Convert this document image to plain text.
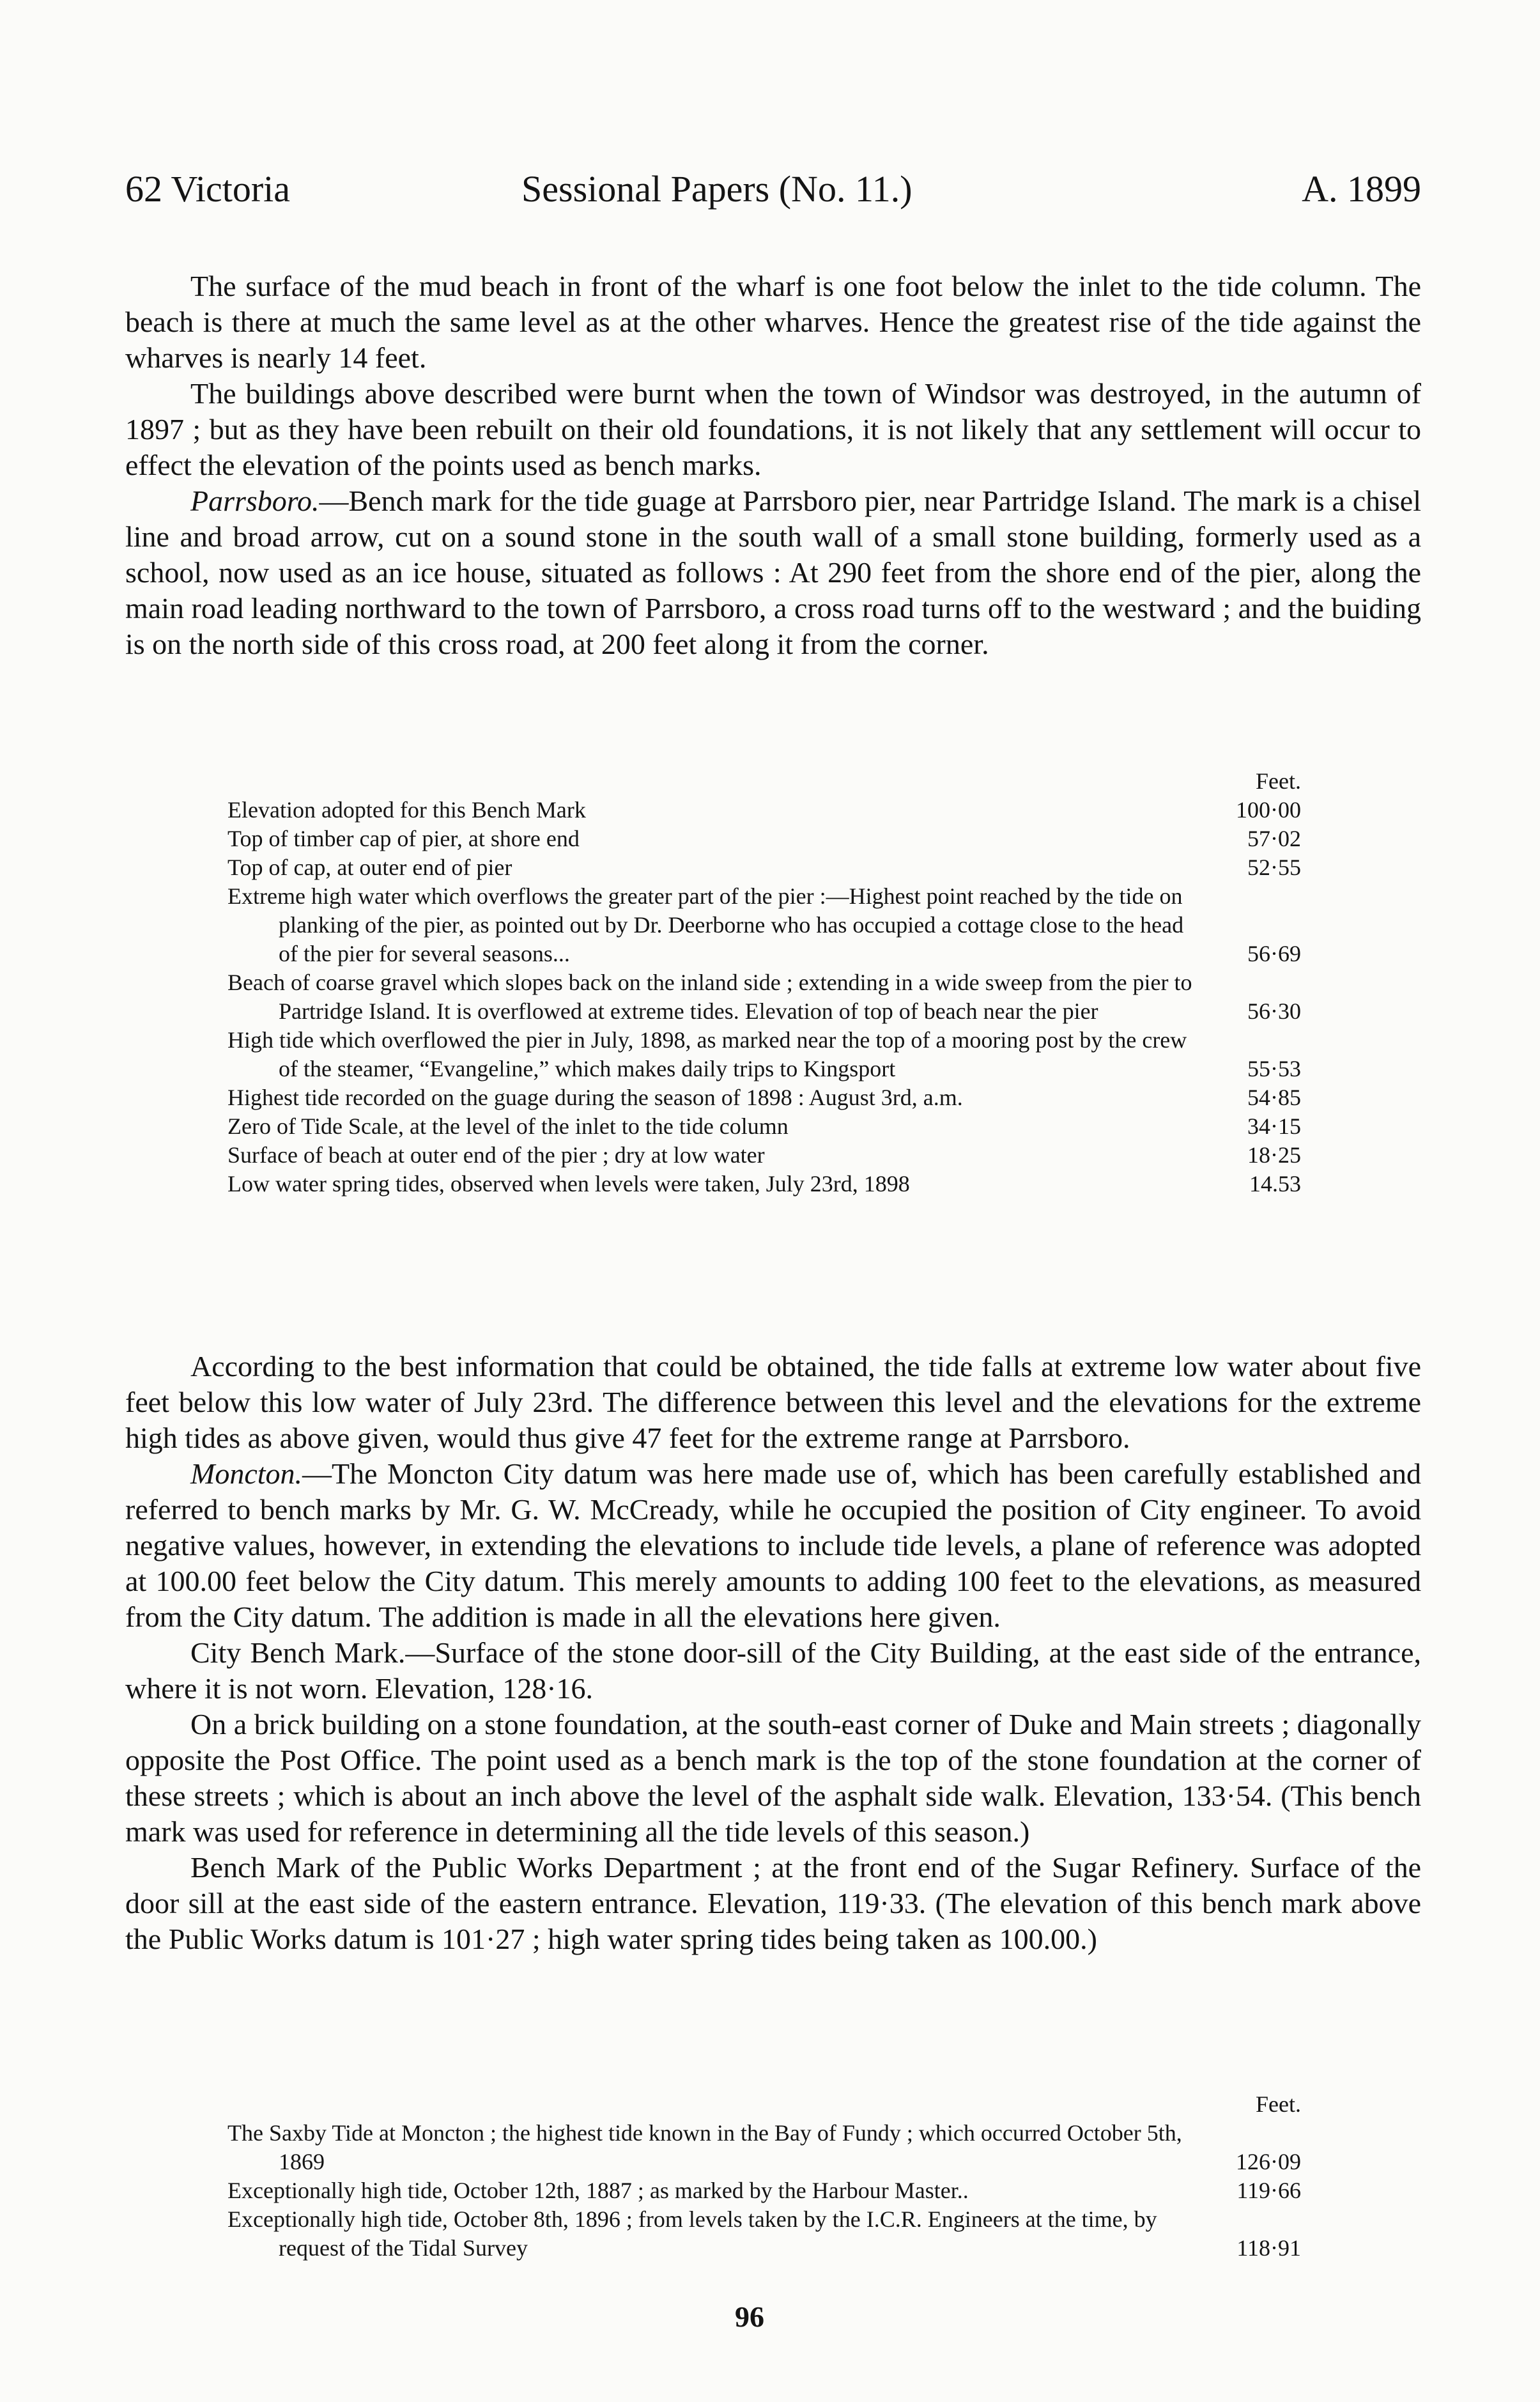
62 Victoria	Sessional Papers (No. 11.)	A. 1899

The surface of the mud beach in front of the wharf is one foot below the inlet to the tide column. The beach is there at much the same level as at the other wharves. Hence the greatest rise of the tide against the wharves is nearly 14 feet.

The buildings above described were burnt when the town of Windsor was destroyed, in the autumn of 1897 ; but as they have been rebuilt on their old foundations, it is not likely that any settlement will occur to effect the elevation of the points used as bench marks.

Parrsboro.—Bench mark for the tide guage at Parrsboro pier, near Partridge Island. The mark is a chisel line and broad arrow, cut on a sound stone in the south wall of a small stone building, formerly used as a school, now used as an ice house, situated as follows : At 290 feet from the shore end of the pier, along the main road leading northward to the town of Parrsboro, a cross road turns off to the westward ; and the buiding is on the north side of this cross road, at 200 feet along it from the corner.

Feet.
Elevation adopted for this Bench Mark	100·00
Top of timber cap of pier, at shore end	57·02
Top of cap, at outer end of pier	52·55
Extreme high water which overflows the greater part of the pier :—Highest point reached by the tide on planking of the pier, as pointed out by Dr. Deerborne who has occupied a cottage close to the head of the pier for several seasons...	56·69
Beach of coarse gravel which slopes back on the inland side ; extending in a wide sweep from the pier to Partridge Island. It is overflowed at extreme tides. Elevation of top of beach near the pier	56·30
High tide which overflowed the pier in July, 1898, as marked near the top of a mooring post by the crew of the steamer, “Evangeline,” which makes daily trips to Kingsport	55·53
Highest tide recorded on the guage during the season of 1898 : August 3rd, a.m.	54·85
Zero of Tide Scale, at the level of the inlet to the tide column	34·15
Surface of beach at outer end of the pier ; dry at low water	18·25
Low water spring tides, observed when levels were taken, July 23rd, 1898	14.53

According to the best information that could be obtained, the tide falls at extreme low water about five feet below this low water of July 23rd. The difference between this level and the elevations for the extreme high tides as above given, would thus give 47 feet for the extreme range at Parrsboro.

Moncton.—The Moncton City datum was here made use of, which has been carefully established and referred to bench marks by Mr. G. W. McCready, while he occupied the position of City engineer. To avoid negative values, however, in extending the elevations to include tide levels, a plane of reference was adopted at 100.00 feet below the City datum. This merely amounts to adding 100 feet to the elevations, as measured from the City datum. The addition is made in all the elevations here given.

City Bench Mark.—Surface of the stone door-sill of the City Building, at the east side of the entrance, where it is not worn. Elevation, 128·16.

On a brick building on a stone foundation, at the south-east corner of Duke and Main streets ; diagonally opposite the Post Office. The point used as a bench mark is the top of the stone foundation at the corner of these streets ; which is about an inch above the level of the asphalt side walk. Elevation, 133·54. (This bench mark was used for reference in determining all the tide levels of this season.)

Bench Mark of the Public Works Department ; at the front end of the Sugar Refinery. Surface of the door sill at the east side of the eastern entrance. Elevation, 119·33. (The elevation of this bench mark above the Public Works datum is 101·27 ; high water spring tides being taken as 100.00.)

Feet.
The Saxby Tide at Moncton ; the highest tide known in the Bay of Fundy ; which occurred October 5th, 1869	126·09
Exceptionally high tide, October 12th, 1887 ; as marked by the Harbour Master..	119·66
Exceptionally high tide, October 8th, 1896 ; from levels taken by the I.C.R. Engineers at the time, by request of the Tidal Survey	118·91
96
